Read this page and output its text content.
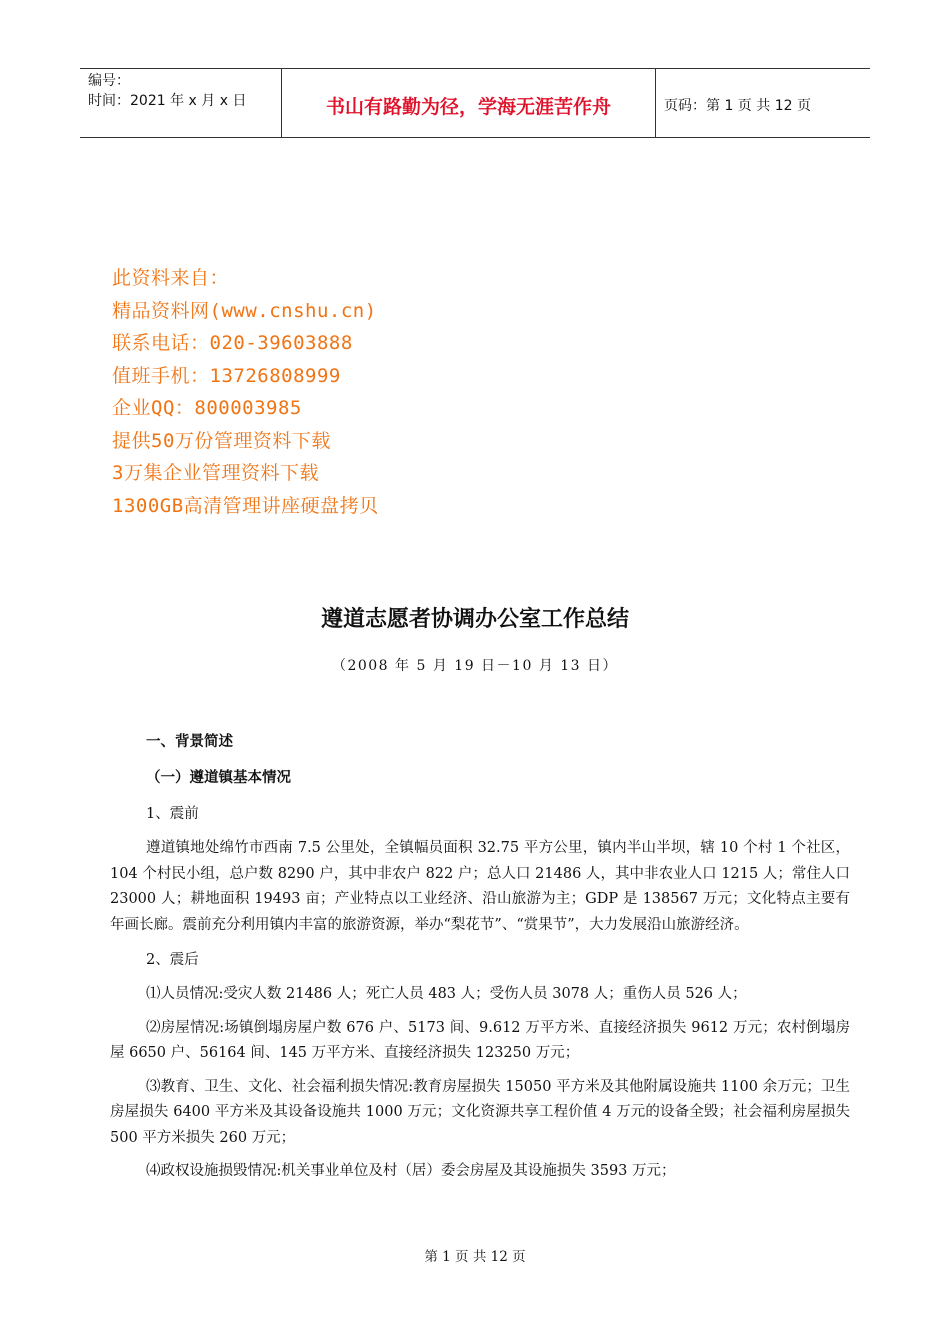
编号：
时间：2021 年 x 月 x 日	书山有路勤为径，学海无涯苦作舟	页码：第 1 页 共 12 页
此资料来自：
精品资料网(www.cnshu.cn)
联系电话：020-39603888
值班手机：13726808999
企业QQ：800003985
提供50万份管理资料下载
3万集企业管理资料下载
1300GB高清管理讲座硬盘拷贝
遵道志愿者协调办公室工作总结
（2008 年 5 月 19 日－10 月 13 日）
一、背景简述
（一）遵道镇基本情况
1、震前
遵道镇地处绵竹市西南 7.5 公里处，全镇幅员面积 32.75 平方公里，镇内半山半坝，辖 10 个村 1 个社区，104 个村民小组，总户数 8290 户，其中非农户 822 户；总人口 21486 人，其中非农业人口 1215 人；常住人口 23000 人；耕地面积 19493 亩；产业特点以工业经济、沿山旅游为主；GDP 是 138567 万元；文化特点主要有年画长廊。震前充分利用镇内丰富的旅游资源，举办“梨花节”、“赏果节”，大力发展沿山旅游经济。
2、震后
⑴人员情况:受灾人数 21486 人；死亡人员 483 人；受伤人员 3078 人；重伤人员 526 人；
⑵房屋情况:场镇倒塌房屋户数 676 户、5173 间、9.612 万平方米、直接经济损失 9612 万元；农村倒塌房屋 6650 户、56164 间、145 万平方米、直接经济损失 123250 万元；
⑶教育、卫生、文化、社会福利损失情况:教育房屋损失 15050 平方米及其他附属设施共 1100 余万元；卫生房屋损失 6400 平方米及其设备设施共 1000 万元；文化资源共享工程价值 4 万元的设备全毁；社会福利房屋损失 500 平方米损失 260 万元；
⑷政权设施损毁情况:机关事业单位及村（居）委会房屋及其设施损失 3593 万元；
第 1 页 共 12 页
